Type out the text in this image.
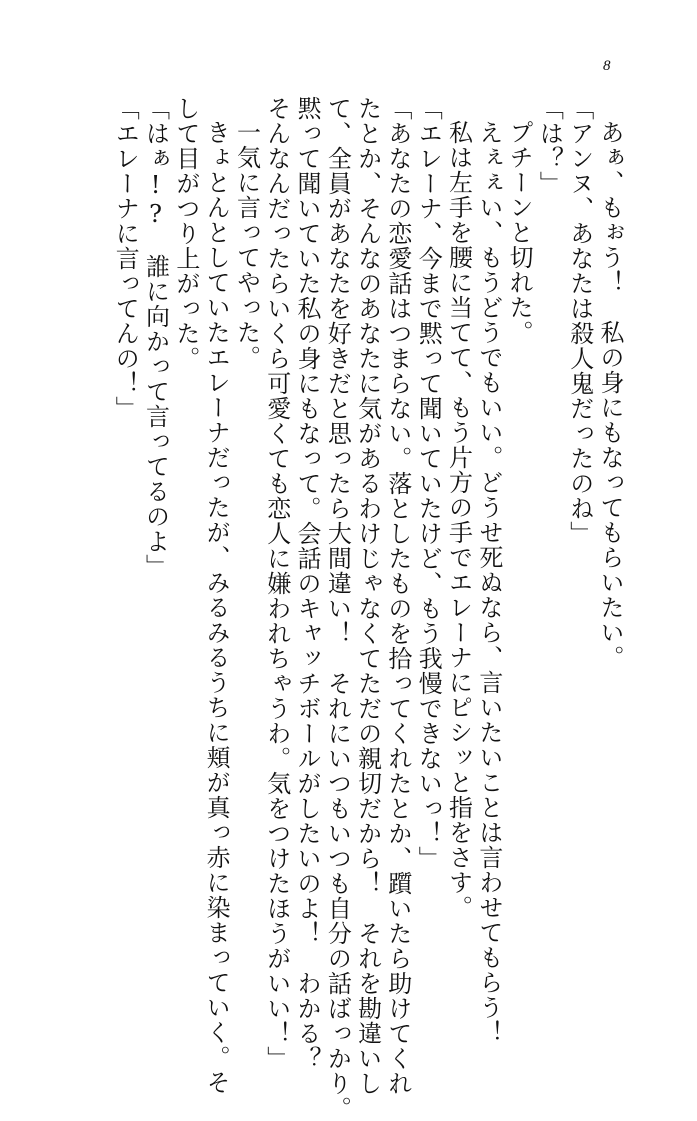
8

あぁ、もぉう！　私の身にもなってもらいたい。

「アンヌ、あなたは殺人鬼だったのね」

「は？」

プチーンと切れた。

えぇぇい、もうどうでもいい。どうせ死ぬなら、言いたいことは言わせてもらう！

私は左手を腰に当てて、もう片方の手でエレーナにピシッと指をさす。

「エレーナ、今まで黙って聞いていたけど、もう我慢できないっ！」

「あなたの恋愛話はつまらない。落としたものを拾ってくれたとか、躓いたら助けてくれ

たとか、そんなのあなたに気があるわけじゃなくてただの親切だから！　それを勘違いし

て、全員があなたを好きだと思ったら大間違い！　それにいつもいつも自分の話ばっかり。

黙って聞いていた私の身にもなって。会話のキャッチボールがしたいのよ！　わかる？

そんなんだったらいくら可愛くても恋人に嫌われちゃうわ。気をつけたほうがいい！」

一気に言ってやった。

きょとんとしていたエレーナだったが、みるみるうちに頬が真っ赤に染まっていく。そ

して目がつり上がった。

「はぁ!?　誰に向かって言ってるのよ」

「エレーナに言ってんの！」
